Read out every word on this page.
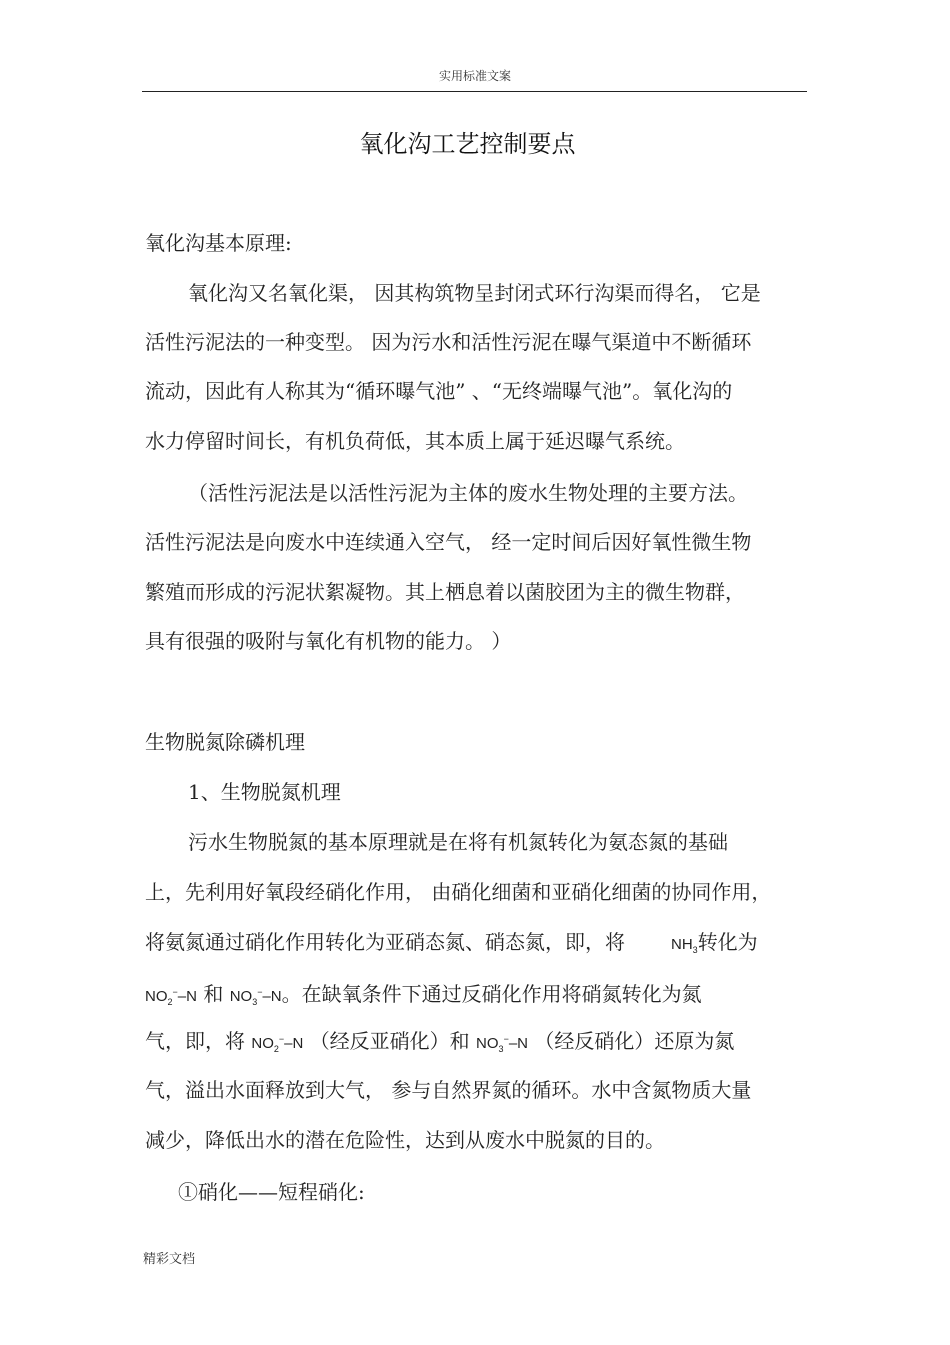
实用标准文案
氧化沟工艺控制要点
氧化沟基本原理:
氧化沟又名氧化渠， 因其构筑物呈封闭式环行沟渠而得名， 它是
活性污泥法的一种变型。 因为污水和活性污泥在曝气渠道中不断循环
流动，因此有人称其为“循环曝气池” 、“无终端曝气池”。氧化沟的
水力停留时间长，有机负荷低，其本质上属于延迟曝气系统。
（活性污泥法是以活性污泥为主体的废水生物处理的主要方法。
活性污泥法是向废水中连续通入空气， 经一定时间后因好氧性微生物
繁殖而形成的污泥状絮凝物。其上栖息着以菌胶团为主的微生物群，
具有很强的吸附与氧化有机物的能力。 ）
生物脱氮除磷机理
1、生物脱氮机理
污水生物脱氮的基本原理就是在将有机氮转化为氨态氮的基础
上，先利用好氧段经硝化作用， 由硝化细菌和亚硝化细菌的协同作用，
将氨氮通过硝化作用转化为亚硝态氮、硝态氮，即，将	$NH_3$转化为
$NO_2^--N$ 和 $NO_3^--N$。在缺氧条件下通过反硝化作用将硝氮转化为氮
气，即，将 $NO_2^--N$ （经反亚硝化）和 $NO_3^--N$ （经反硝化）还原为氮
气，溢出水面释放到大气， 参与自然界氮的循环。水中含氮物质大量
减少，降低出水的潜在危险性，达到从废水中脱氮的目的。
①硝化——短程硝化:
精彩文档
